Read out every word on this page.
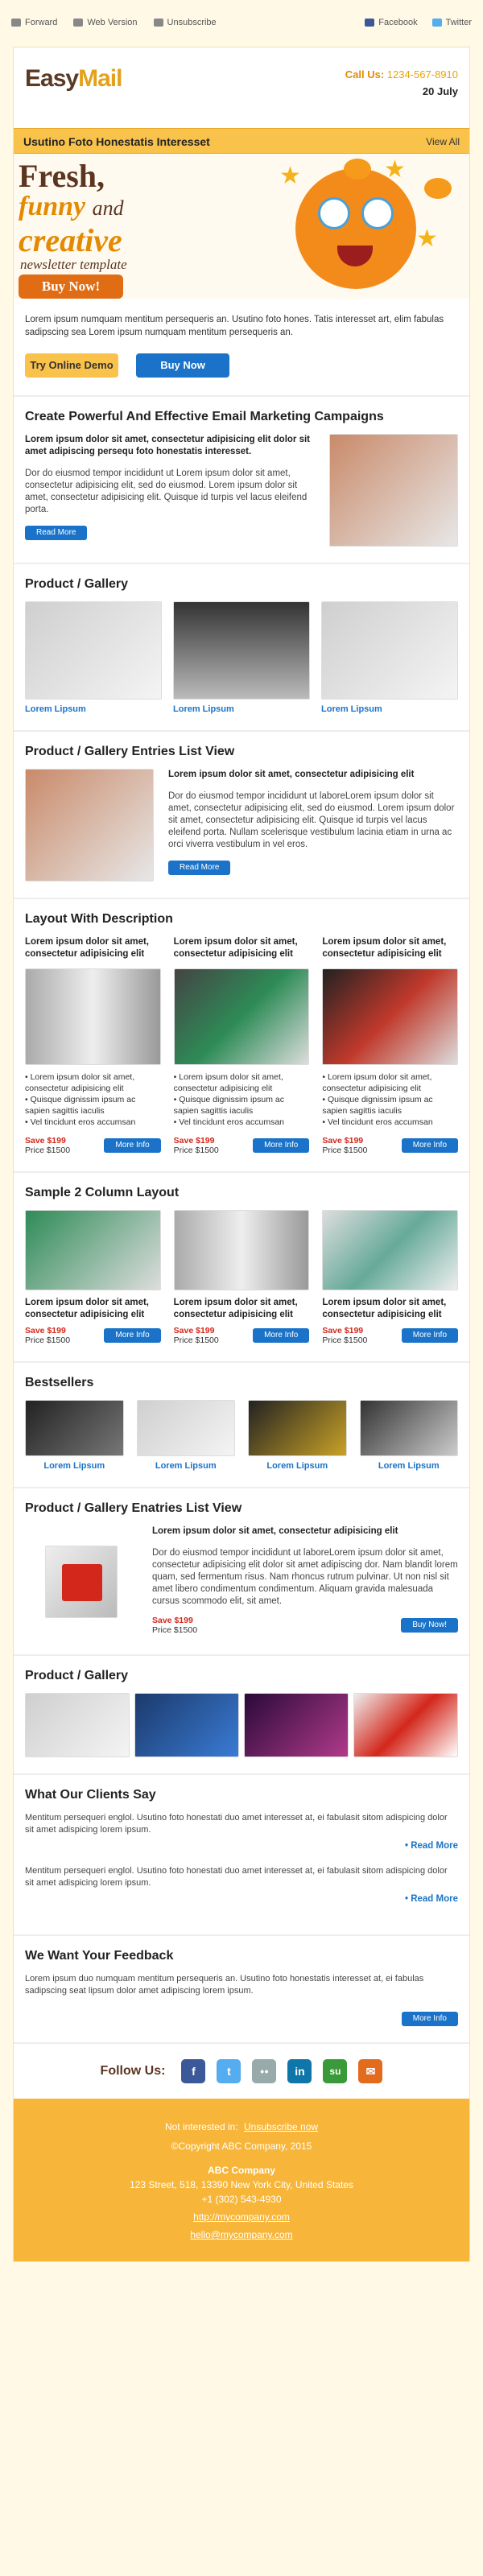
Forward	Web Version	Unsubscribe	Facebook	Twitter
EasyMail	Call Us: 1234-567-8910
20 July
Usutino Foto Honestatis Interesset	View All
Fresh,
funny and
creative
newsletter template
Buy Now!
★	★
★
Lorem ipsum numquam mentitum persequeris an. Usutino foto hones. Tatis interesset art, elim fabulas sadipscing sea Lorem ipsum numquam mentitum persequeris an.
Try Online Demo	Buy Now
Create Powerful And Effective Email Marketing Campaigns
Lorem ipsum dolor sit amet, consectetur adipisicing elit dolor sit amet adipiscing persequ foto honestatis interesset.
Dor do eiusmod tempor incididunt ut Lorem ipsum dolor sit amet, consectetur adipisicing elit, sed do eiusmod. Lorem ipsum dolor sit amet, consectetur adipisicing elit. Quisque id turpis vel lacus eleifend porta.
Read More
Product / Gallery
Lorem Lipsum	Lorem Lipsum	Lorem Lipsum
Product / Gallery Entries List View
Lorem ipsum dolor sit amet, consectetur adipisicing elit
Dor do eiusmod tempor incididunt ut laboreLorem ipsum dolor sit amet, consectetur adipisicing elit, sed do eiusmod. Lorem ipsum dolor sit amet, consectetur adipisicing elit. Quisque id turpis vel lacus eleifend porta. Nullam scelerisque vestibulum lacinia etiam in urna ac orci viverra vestibulum in vel eros.
Read More
Layout With Description
Lorem ipsum dolor sit amet, consectetur adipisicing elit
• Lorem ipsum dolor sit amet, consectetur adipisicing elit
• Quisque dignissim ipsum ac sapien sagittis iaculis
• Vel tincidunt eros accumsan
Save $199
Price $1500
More Info
Lorem ipsum dolor sit amet, consectetur adipisicing elit
• Lorem ipsum dolor sit amet, consectetur adipisicing elit
• Quisque dignissim ipsum ac sapien sagittis iaculis
• Vel tincidunt eros accumsan
Save $199
Price $1500
More Info
Lorem ipsum dolor sit amet, consectetur adipisicing elit
• Lorem ipsum dolor sit amet, consectetur adipisicing elit
• Quisque dignissim ipsum ac sapien sagittis iaculis
• Vel tincidunt eros accumsan
Save $199
Price $1500
More Info
Sample 2 Column Layout
Lorem ipsum dolor sit amet, consectetur adipisicing elit
Save $199
Price $1500
More Info
Lorem ipsum dolor sit amet, consectetur adipisicing elit
Save $199
Price $1500
More Info
Lorem ipsum dolor sit amet, consectetur adipisicing elit
Save $199
Price $1500
More Info
Bestsellers
Lorem Lipsum	Lorem Lipsum	Lorem Lipsum	Lorem Lipsum
Product / Gallery Enatries List View
Lorem ipsum dolor sit amet, consectetur adipisicing elit
Dor do eiusmod tempor incididunt ut laboreLorem ipsum dolor sit amet, consectetur adipisicing elit dolor sit amet adipiscing dor. Nam blandit lorem quam, sed fermentum risus. Nam rhoncus rutrum pulvinar. Ut non nisl sit amet libero condimentum condimentum. Aliquam gravida malesuada cursus scommodo elit, sit amet.
Save $199
Price $1500
Buy Now!
Product / Gallery
What Our Clients Say
Mentitum persequeri englol. Usutino foto honestati duo amet interesset at, ei fabulasit sitom adispicing dolor sit amet adispicing lorem ipsum.
• Read More
Mentitum persequeri englol. Usutino foto honestati duo amet interesset at, ei fabulasit sitom adispicing dolor sit amet adispicing lorem ipsum.
• Read More
We Want Your Feedback
Lorem ipsum duo numquam mentitum persequeris an. Usutino foto honestatis interesset at, ei fabulas sadipscing seat lipsum dolor amet adipiscing lorem ipsum.
More Info
Follow Us:	f	t	●●	in	su	✉
Not interested in: Unsubscribe now
©Copyright ABC Company, 2015
ABC Company
123 Street, 518, 13390 New York City, United States
+1 (302) 543-4930
http://mycompany.com
hello@mycompany.com
